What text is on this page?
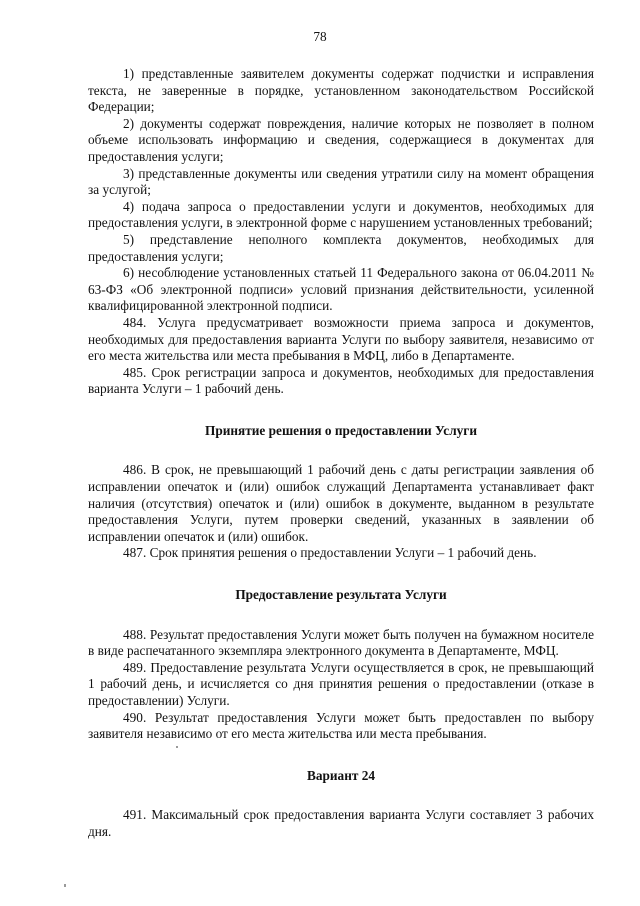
78

1) представленные заявителем документы содержат подчистки и исправления текста, не заверенные в порядке, установленном законодательством Российской Федерации;

2) документы содержат повреждения, наличие которых не позволяет в полном объеме использовать информацию и сведения, содержащиеся в документах для предоставления услуги;

3) представленные документы или сведения утратили силу на момент обращения за услугой;

4) подача запроса о предоставлении услуги и документов, необходимых для предоставления услуги, в электронной форме с нарушением установленных требований;

5) представление неполного комплекта документов, необходимых для предоставления услуги;

6) несоблюдение установленных статьей 11 Федерального закона от 06.04.2011 № 63-ФЗ «Об электронной подписи» условий признания действительности, усиленной квалифицированной электронной подписи.

484. Услуга предусматривает возможности приема запроса и документов, необходимых для предоставления варианта Услуги по выбору заявителя, независимо от его места жительства или места пребывания в МФЦ, либо в Департаменте.

485. Срок регистрации запроса и документов, необходимых для предоставления варианта Услуги – 1 рабочий день.

Принятие решения о предоставлении Услуги

486. В срок, не превышающий 1 рабочий день с даты регистрации заявления об исправлении опечаток и (или) ошибок служащий Департамента устанавливает факт наличия (отсутствия) опечаток и (или) ошибок в документе, выданном в результате предоставления Услуги, путем проверки сведений, указанных в заявлении об исправлении опечаток и (или) ошибок.

487. Срок принятия решения о предоставлении Услуги – 1 рабочий день.

Предоставление результата Услуги

488. Результат предоставления Услуги может быть получен на бумажном носителе в виде распечатанного экземпляра электронного документа в Департаменте, МФЦ.

489. Предоставление результата Услуги осуществляется в срок, не превышающий 1 рабочий день, и исчисляется со дня принятия решения о предоставлении (отказе в предоставлении) Услуги.

490. Результат предоставления Услуги может быть предоставлен по выбору заявителя независимо от его места жительства или места пребывания.

Вариант 24

491. Максимальный срок предоставления варианта Услуги составляет 3 рабочих дня.
